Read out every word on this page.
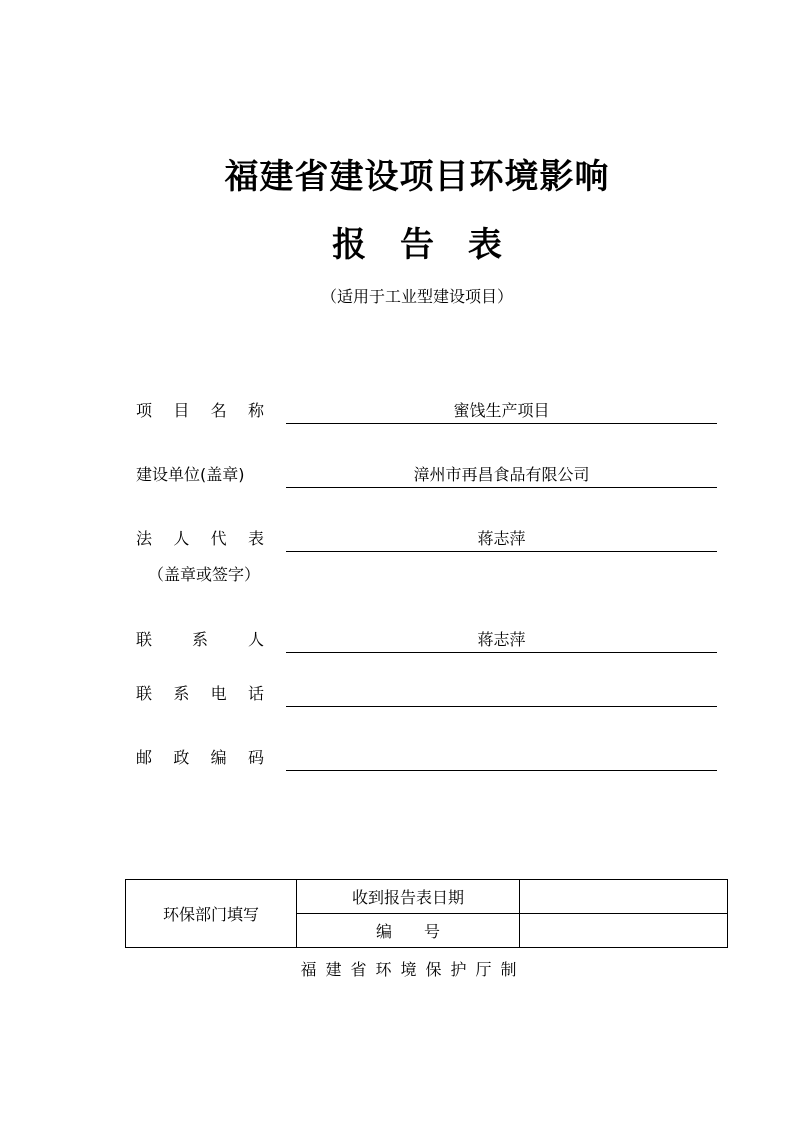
福建省建设项目环境影响
报 告 表
（适用于工业型建设项目）
项 目 名 称	蜜饯生产项目
建设单位(盖章)	漳州市再昌食品有限公司
法 人 代 表	蒋志萍
（盖章或签字）
联 系 人	蒋志萍
联 系 电 话
邮 政 编 码
环保部门填写	收到报告表日期	
	编　　号	
福建省环境保护厅制
